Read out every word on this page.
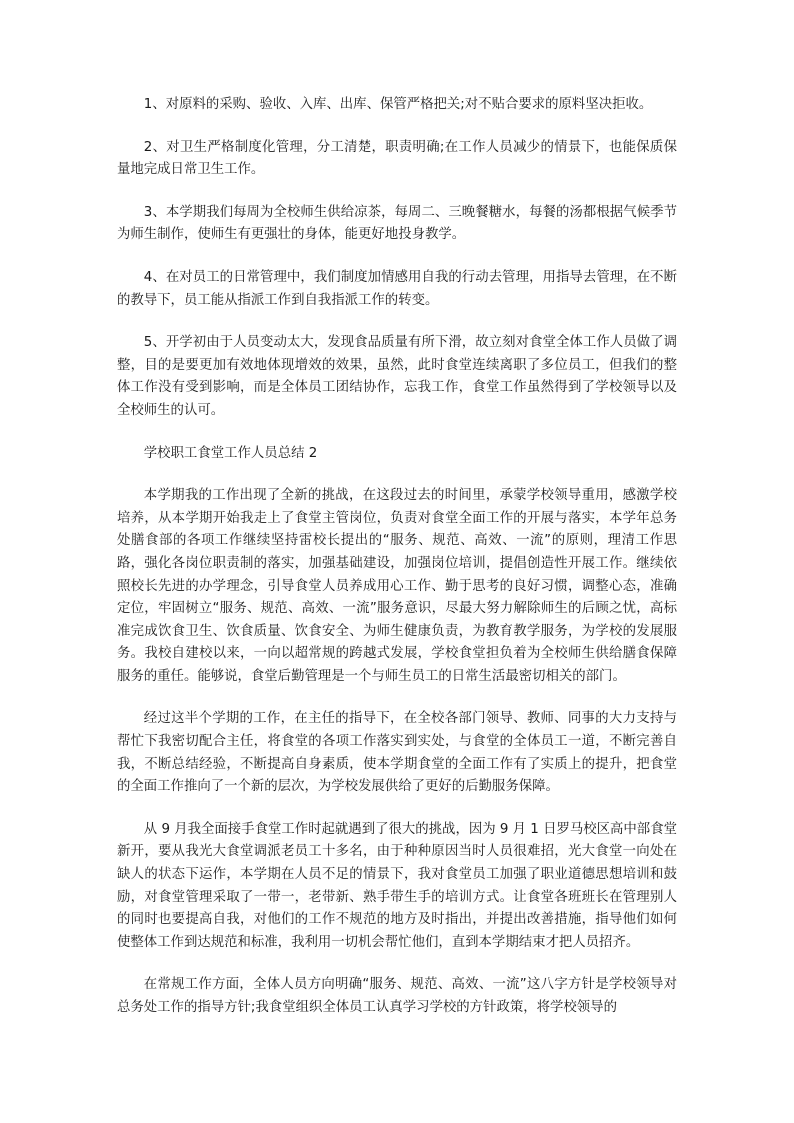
1、对原料的采购、验收、入库、出库、保管严格把关;对不贴合要求的原料坚决拒收。

2、对卫生严格制度化管理，分工清楚，职责明确;在工作人员减少的情景下，也能保质保量地完成日常卫生工作。

3、本学期我们每周为全校师生供给凉茶，每周二、三晚餐糖水，每餐的汤都根据气候季节为师生制作，使师生有更强壮的身体，能更好地投身教学。

4、在对员工的日常管理中，我们制度加情感用自我的行动去管理，用指导去管理，在不断的教导下，员工能从指派工作到自我指派工作的转变。

5、开学初由于人员变动太大，发现食品质量有所下滑，故立刻对食堂全体工作人员做了调整，目的是要更加有效地体现增效的效果，虽然，此时食堂连续离职了多位员工，但我们的整体工作没有受到影响，而是全体员工团结协作，忘我工作，食堂工作虽然得到了学校领导以及全校师生的认可。

学校职工食堂工作人员总结 2

本学期我的工作出现了全新的挑战，在这段过去的时间里，承蒙学校领导重用，感激学校培养，从本学期开始我走上了食堂主管岗位，负责对食堂全面工作的开展与落实，本学年总务处膳食部的各项工作继续坚持雷校长提出的“服务、规范、高效、一流”的原则，理清工作思路，强化各岗位职责制的落实，加强基础建设，加强岗位培训，提倡创造性开展工作。继续依照校长先进的办学理念，引导食堂人员养成用心工作、勤于思考的良好习惯，调整心态，准确定位，牢固树立“服务、规范、高效、一流”服务意识，尽最大努力解除师生的后顾之忧，高标准完成饮食卫生、饮食质量、饮食安全、为师生健康负责，为教育教学服务，为学校的发展服务。我校自建校以来，一向以超常规的跨越式发展，学校食堂担负着为全校师生供给膳食保障服务的重任。能够说，食堂后勤管理是一个与师生员工的日常生活最密切相关的部门。

经过这半个学期的工作，在主任的指导下，在全校各部门领导、教师、同事的大力支持与帮忙下我密切配合主任，将食堂的各项工作落实到实处，与食堂的全体员工一道，不断完善自我，不断总结经验，不断提高自身素质，使本学期食堂的全面工作有了实质上的提升，把食堂的全面工作推向了一个新的层次，为学校发展供给了更好的后勤服务保障。

从 9 月我全面接手食堂工作时起就遇到了很大的挑战，因为 9 月 1 日罗马校区高中部食堂新开，要从我光大食堂调派老员工十多名，由于种种原因当时人员很难招，光大食堂一向处在缺人的状态下运作，本学期在人员不足的情景下，我对食堂员工加强了职业道德思想培训和鼓励，对食堂管理采取了一带一，老带新、熟手带生手的培训方式。让食堂各班班长在管理别人的同时也要提高自我，对他们的工作不规范的地方及时指出，并提出改善措施，指导他们如何使整体工作到达规范和标准，我利用一切机会帮忙他们，直到本学期结束才把人员招齐。

在常规工作方面，全体人员方向明确“服务、规范、高效、一流”这八字方针是学校领导对总务处工作的指导方针;我食堂组织全体员工认真学习学校的方针政策，将学校领导的
